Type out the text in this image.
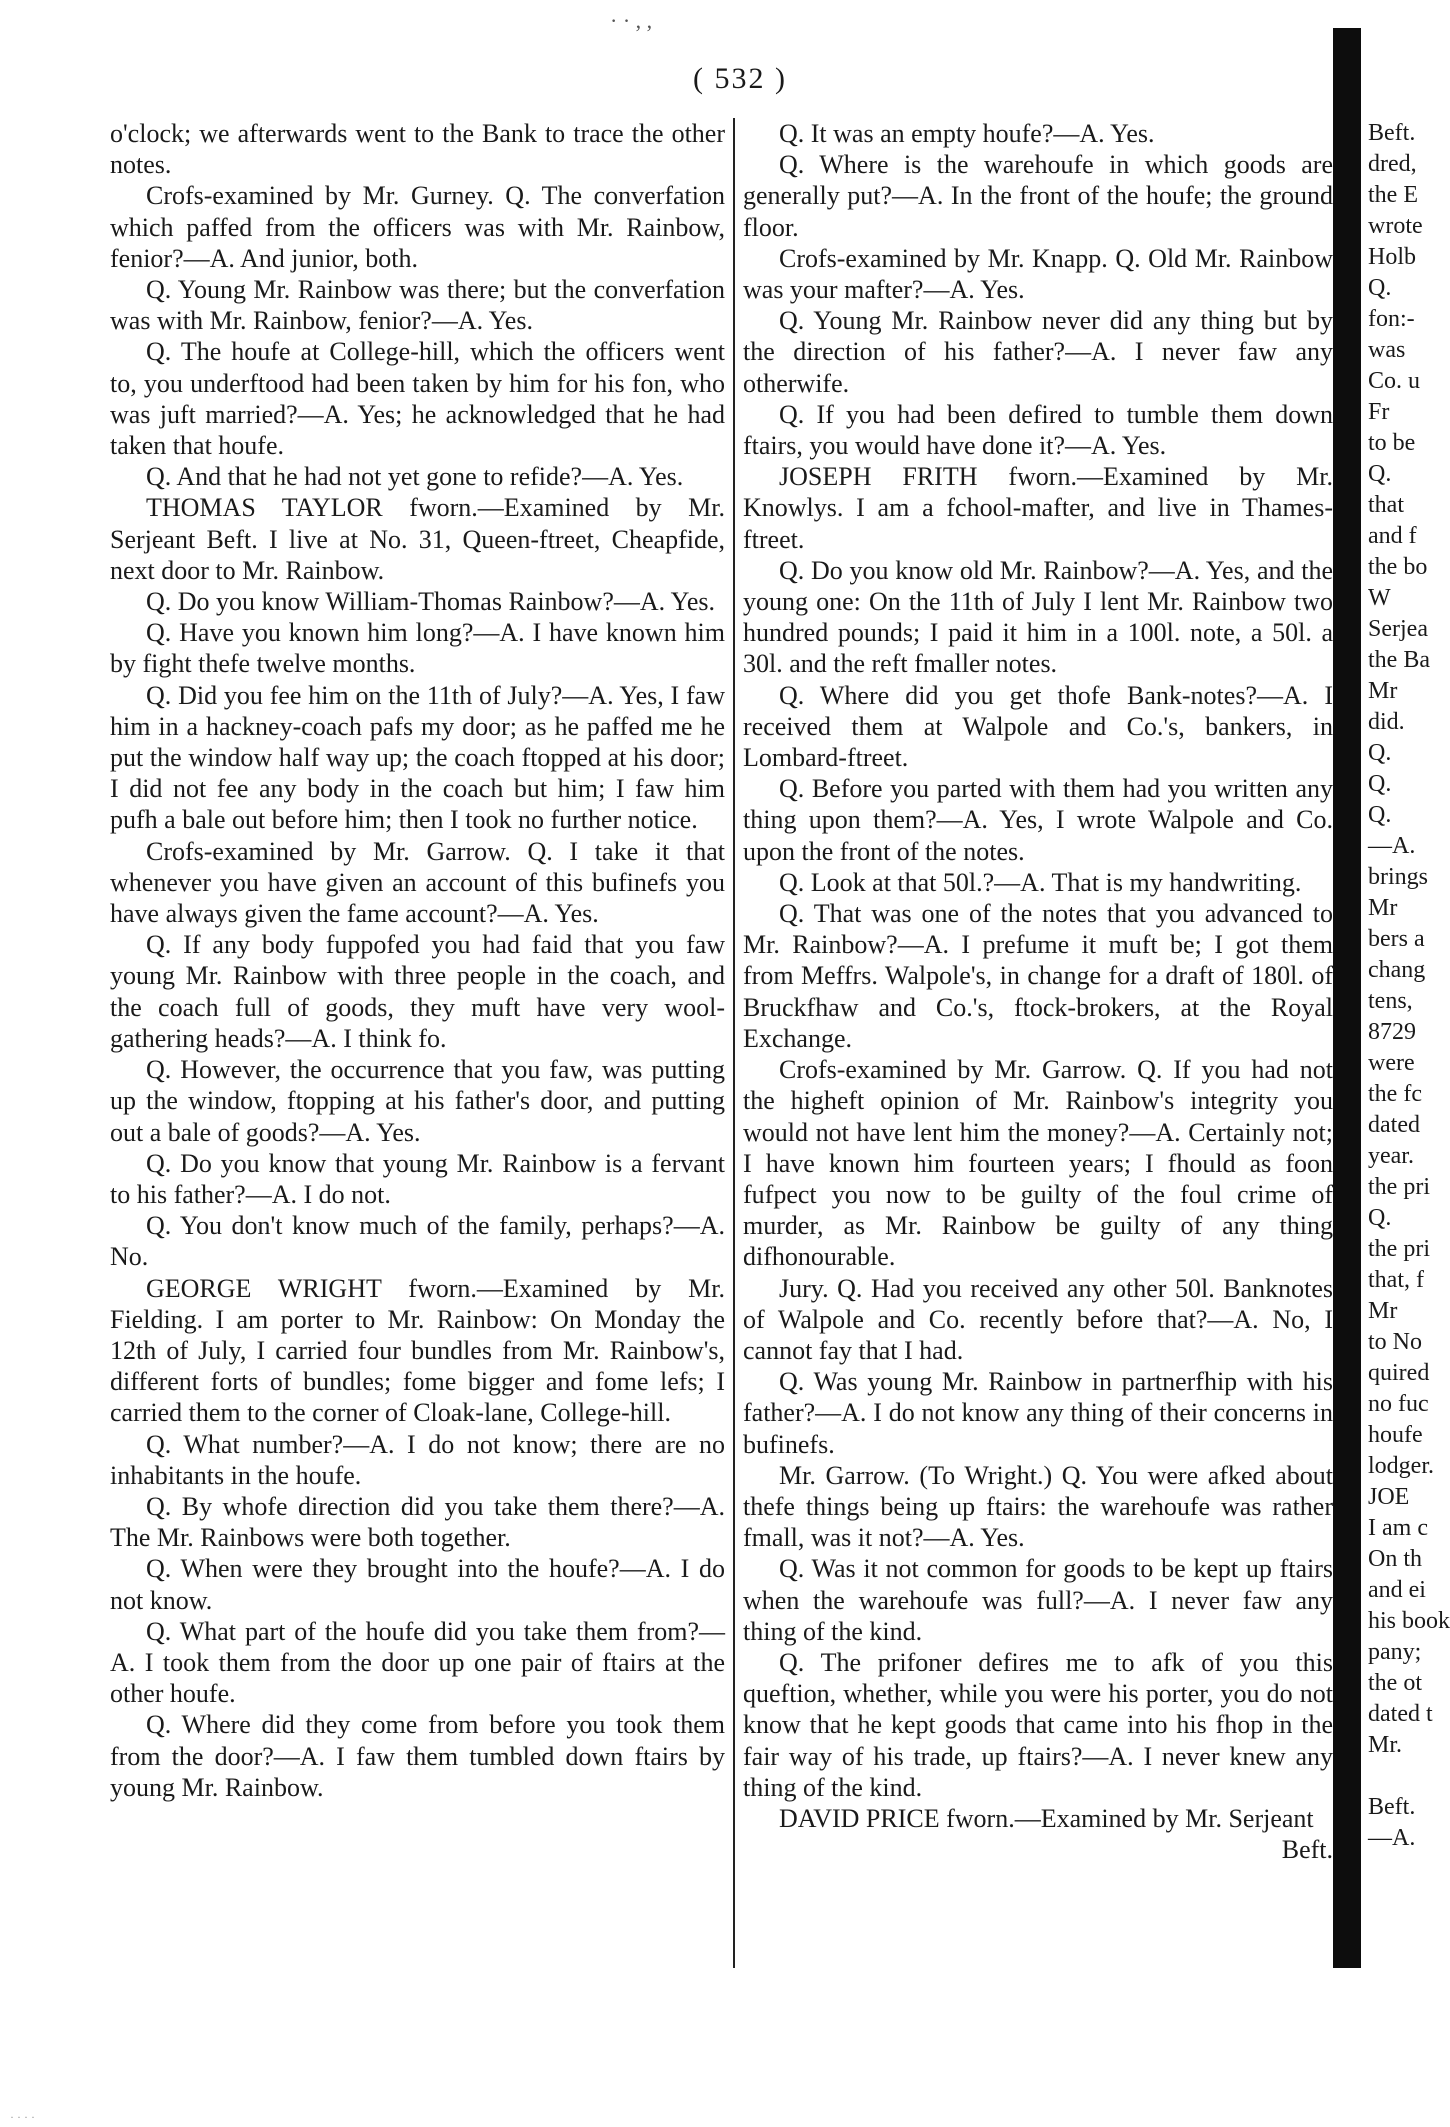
· · , ,
( 532 )

o'clock; we afterwards went to the Bank to trace the other notes.

Crofs-examined by Mr. Gurney. Q. The converfation which paffed from the officers was with Mr. Rainbow, fenior?—A. And junior, both.

Q. Young Mr. Rainbow was there; but the converfation was with Mr. Rainbow, fenior?—A. Yes.

Q. The houfe at College-hill, which the officers went to, you underftood had been taken by him for his fon, who was juft married?—A. Yes; he acknowledged that he had taken that houfe.

Q. And that he had not yet gone to refide?—A. Yes.

THOMAS TAYLOR fworn.—Examined by Mr. Serjeant Beft. I live at No. 31, Queen-ftreet, Cheapfide, next door to Mr. Rainbow.

Q. Do you know William-Thomas Rainbow?—A. Yes.

Q. Have you known him long?—A. I have known him by fight thefe twelve months.

Q. Did you fee him on the 11th of July?—A. Yes, I faw him in a hackney-coach pafs my door; as he paffed me he put the window half way up; the coach ftopped at his door; I did not fee any body in the coach but him; I faw him pufh a bale out before him; then I took no further notice.

Crofs-examined by Mr. Garrow. Q. I take it that whenever you have given an account of this bufinefs you have always given the fame account?—A. Yes.

Q. If any body fuppofed you had faid that you faw young Mr. Rainbow with three people in the coach, and the coach full of goods, they muft have very wool-gathering heads?—A. I think fo.

Q. However, the occurrence that you faw, was putting up the window, ftopping at his father's door, and putting out a bale of goods?—A. Yes.

Q. Do you know that young Mr. Rainbow is a fervant to his father?—A. I do not.

Q. You don't know much of the family, perhaps?—A. No.

GEORGE WRIGHT fworn.—Examined by Mr. Fielding. I am porter to Mr. Rainbow: On Monday the 12th of July, I carried four bundles from Mr. Rainbow's, different forts of bundles; fome bigger and fome lefs; I carried them to the corner of Cloak-lane, College-hill.

Q. What number?—A. I do not know; there are no inhabitants in the houfe.

Q. By whofe direction did you take them there?—A. The Mr. Rainbows were both together.

Q. When were they brought into the houfe?—A. I do not know.

Q. What part of the houfe did you take them from?—A. I took them from the door up one pair of ftairs at the other houfe.

Q. Where did they come from before you took them from the door?—A. I faw them tumbled down ftairs by young Mr. Rainbow.

Q. It was an empty houfe?—A. Yes.

Q. Where is the warehoufe in which goods are generally put?—A. In the front of the houfe; the ground floor.

Crofs-examined by Mr. Knapp. Q. Old Mr. Rainbow was your mafter?—A. Yes.

Q. Young Mr. Rainbow never did any thing but by the direction of his father?—A. I never faw any otherwife.

Q. If you had been defired to tumble them down ftairs, you would have done it?—A. Yes.

JOSEPH FRITH fworn.—Examined by Mr. Knowlys. I am a fchool-mafter, and live in Thames-ftreet.

Q. Do you know old Mr. Rainbow?—A. Yes, and the young one: On the 11th of July I lent Mr. Rainbow two hundred pounds; I paid it him in a 100l. note, a 50l. a 30l. and the reft fmaller notes.

Q. Where did you get thofe Bank-notes?—A. I received them at Walpole and Co.'s, bankers, in Lombard-ftreet.

Q. Before you parted with them had you written any thing upon them?—A. Yes, I wrote Walpole and Co. upon the front of the notes.

Q. Look at that 50l.?—A. That is my handwriting.

Q. That was one of the notes that you advanced to Mr. Rainbow?—A. I prefume it muft be; I got them from Meffrs. Walpole's, in change for a draft of 180l. of Bruckfhaw and Co.'s, ftock-brokers, at the Royal Exchange.

Crofs-examined by Mr. Garrow. Q. If you had not the higheft opinion of Mr. Rainbow's integrity you would not have lent him the money?—A. Certainly not; I have known him fourteen years; I fhould as foon fufpect you now to be guilty of the foul crime of murder, as Mr. Rainbow be guilty of any thing difhonourable.

Jury. Q. Had you received any other 50l. Banknotes of Walpole and Co. recently before that?—A. No, I cannot fay that I had.

Q. Was young Mr. Rainbow in partnerfhip with his father?—A. I do not know any thing of their concerns in bufinefs.

Mr. Garrow. (To Wright.) Q. You were afked about thefe things being up ftairs: the warehoufe was rather fmall, was it not?—A. Yes.

Q. Was it not common for goods to be kept up ftairs when the warehoufe was full?—A. I never faw any thing of the kind.

Q. The prifoner defires me to afk of you this queftion, whether, while you were his porter, you do not know that he kept goods that came into his fhop in the fair way of his trade, up ftairs?—A. I never knew any thing of the kind.

DAVID PRICE fworn.—Examined by Mr. Serjeant

Beft.

Beft.
dred,
the E
wrote
Holb
Q.
fon:-
was
Co. u
Fr
to be
Q.
that
and f
the bo
W
Serjea
the Ba
Mr
did.
Q.
Q.
Q.
—A.
brings
Mr
bers a
chang
tens,
8729
were
the fc
dated
year.
the pri
Q.
the pri
that, f
Mr
to No
quired
no fuc
houfe
lodger.
JOE
I am c
On th
and ei
his book
pany;
the ot
dated t
Mr.

Beft.
—A.
· · · ·
